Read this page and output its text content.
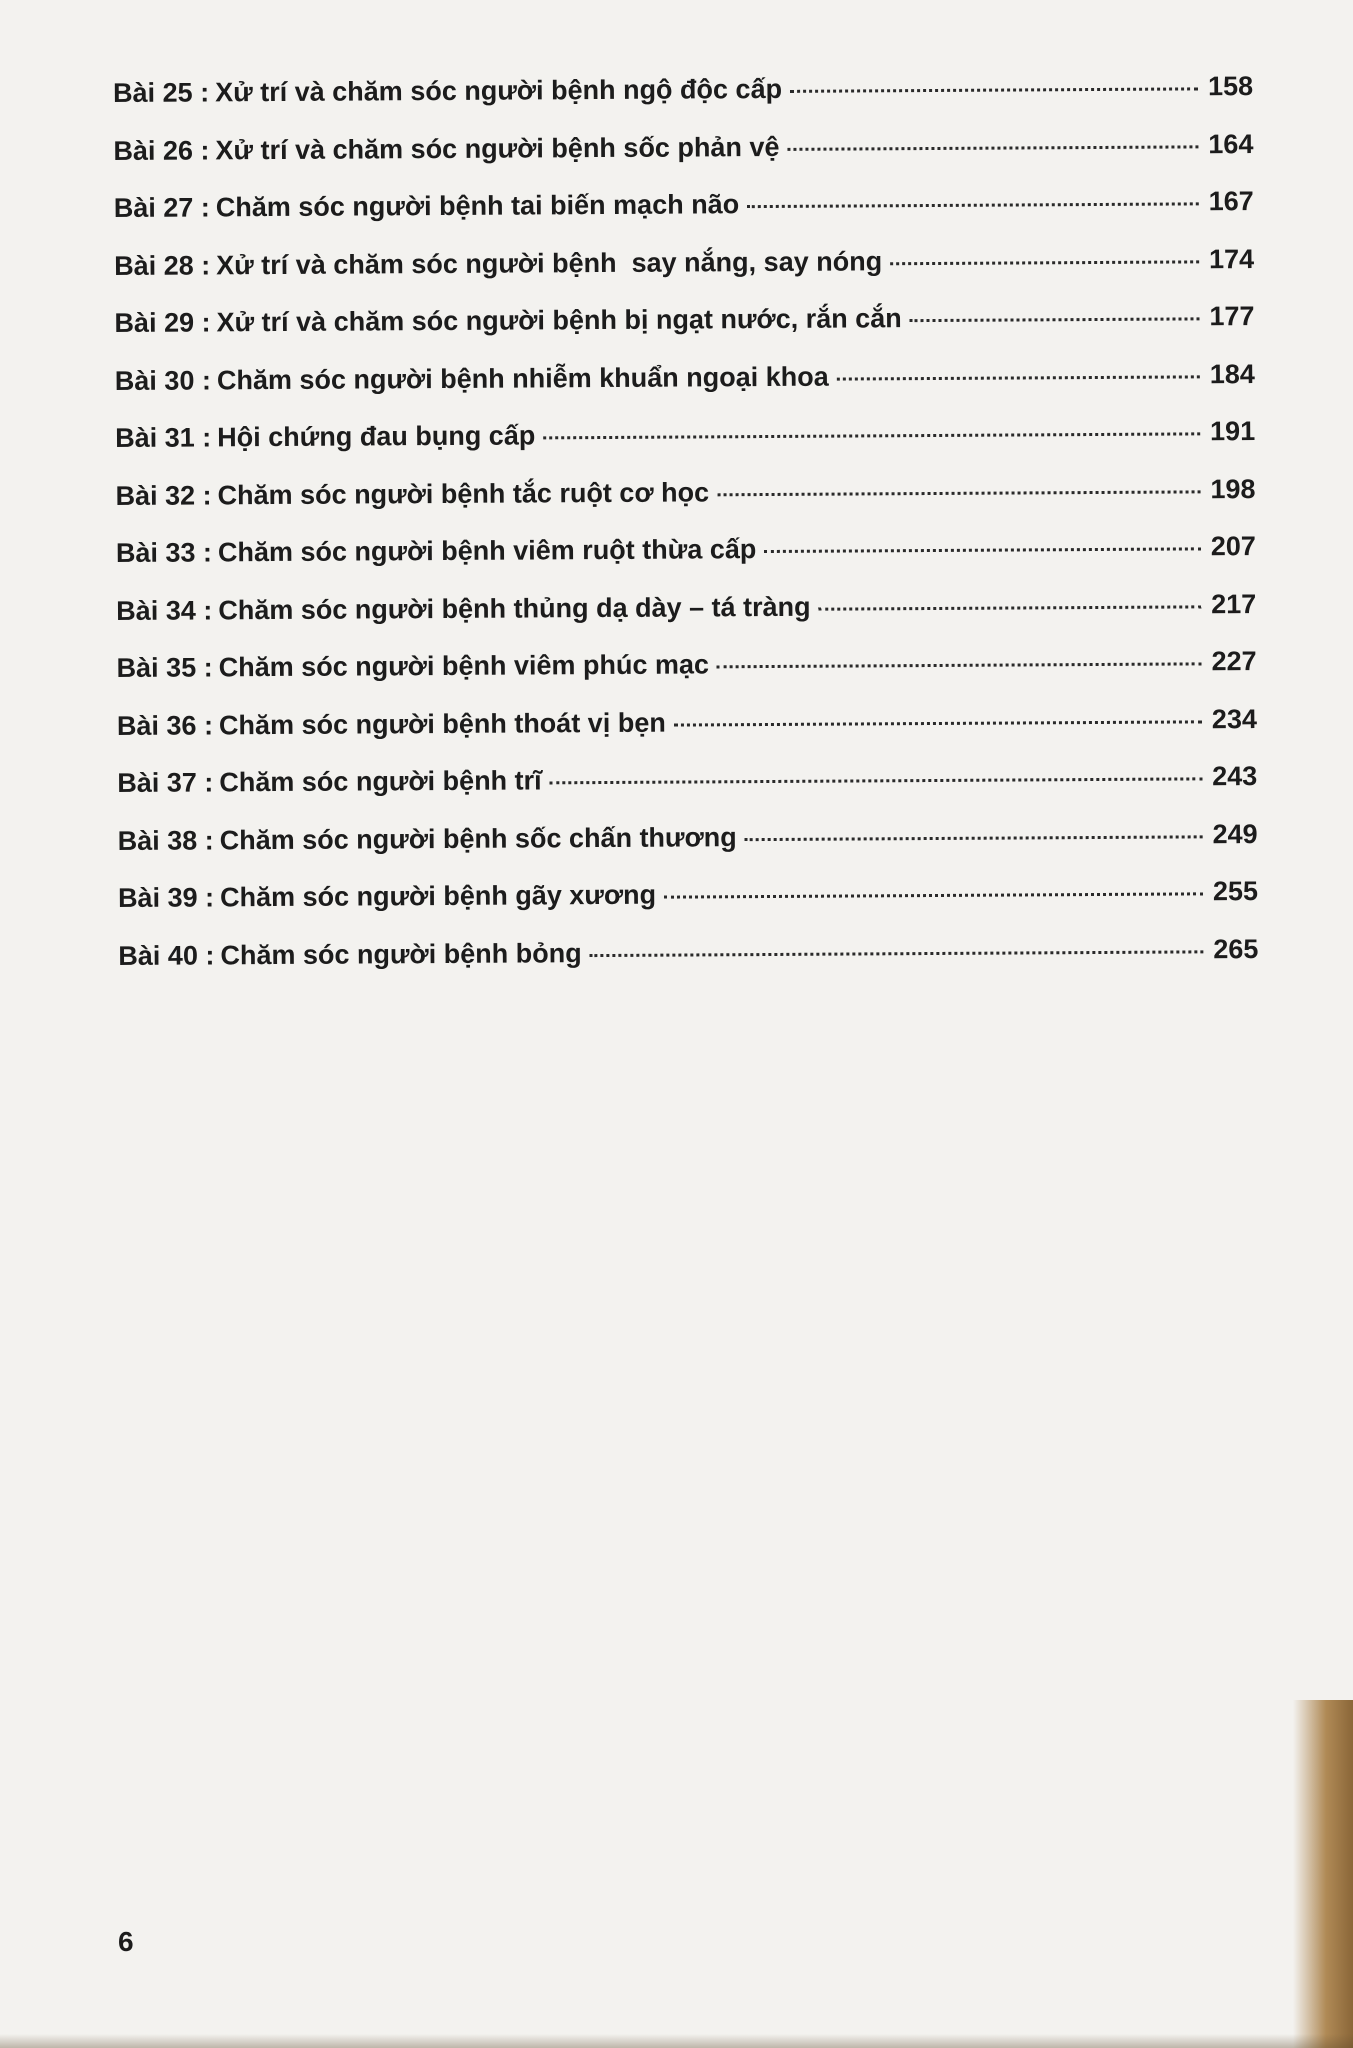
Bài 25 : Xử trí và chăm sóc người bệnh ngộ độc cấp	158
Bài 26 : Xử trí và chăm sóc người bệnh sốc phản vệ	164
Bài 27 : Chăm sóc người bệnh tai biến mạch não	167
Bài 28 : Xử trí và chăm sóc người bệnh  say nắng, say nóng	174
Bài 29 : Xử trí và chăm sóc người bệnh bị ngạt nước, rắn cắn	177
Bài 30 : Chăm sóc người bệnh nhiễm khuẩn ngoại khoa	184
Bài 31 : Hội chứng đau bụng cấp	191
Bài 32 : Chăm sóc người bệnh tắc ruột cơ học	198
Bài 33 : Chăm sóc người bệnh viêm ruột thừa cấp	207
Bài 34 : Chăm sóc người bệnh thủng dạ dày – tá tràng	217
Bài 35 : Chăm sóc người bệnh viêm phúc mạc	227
Bài 36 : Chăm sóc người bệnh thoát vị bẹn	234
Bài 37 : Chăm sóc người bệnh trĩ	243
Bài 38 : Chăm sóc người bệnh sốc chấn thương	249
Bài 39 : Chăm sóc người bệnh gãy xương	255
Bài 40 : Chăm sóc người bệnh bỏng	265
6
